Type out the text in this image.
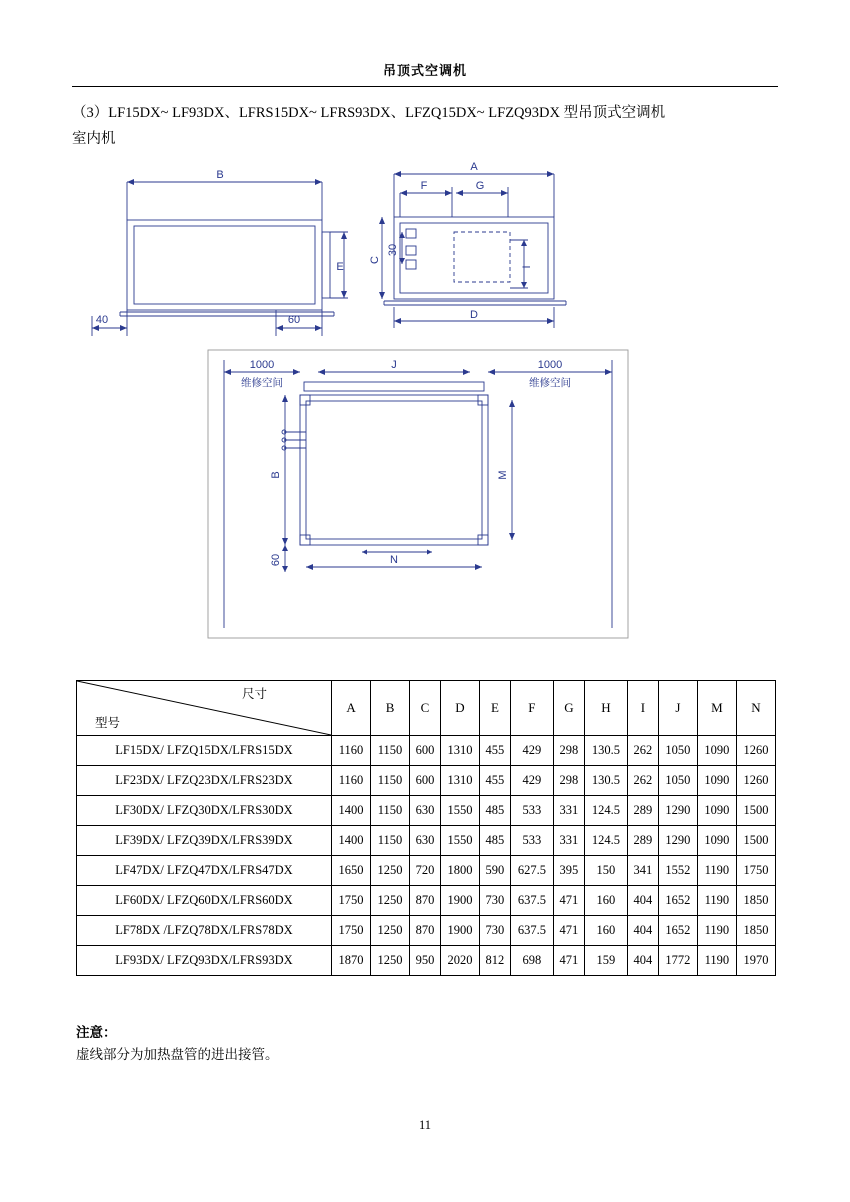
吊顶式空调机
（3）LF15DX~ LF93DX、LFRS15DX~ LFRS93DX、LFZQ15DX~ LFZQ93DX 型吊顶式空调机
室内机
B
E
40	60
A
F	G
C
30
I
D
1000	1000
J
B	M
60	N
维修空间	维修空间
尺寸
型号	A	B	C	D	E	F	G	H	I	J	M	N
LF15DX/ LFZQ15DX/LFRS15DX	1160	1150	600	1310	455	429	298	130.5	262	1050	1090	1260
LF23DX/ LFZQ23DX/LFRS23DX	1160	1150	600	1310	455	429	298	130.5	262	1050	1090	1260
LF30DX/ LFZQ30DX/LFRS30DX	1400	1150	630	1550	485	533	331	124.5	289	1290	1090	1500
LF39DX/ LFZQ39DX/LFRS39DX	1400	1150	630	1550	485	533	331	124.5	289	1290	1090	1500
LF47DX/ LFZQ47DX/LFRS47DX	1650	1250	720	1800	590	627.5	395	150	341	1552	1190	1750
LF60DX/ LFZQ60DX/LFRS60DX	1750	1250	870	1900	730	637.5	471	160	404	1652	1190	1850
LF78DX /LFZQ78DX/LFRS78DX	1750	1250	870	1900	730	637.5	471	160	404	1652	1190	1850
LF93DX/ LFZQ93DX/LFRS93DX	1870	1250	950	2020	812	698	471	159	404	1772	1190	1970
注意：
虚线部分为加热盘管的进出接管。
11
